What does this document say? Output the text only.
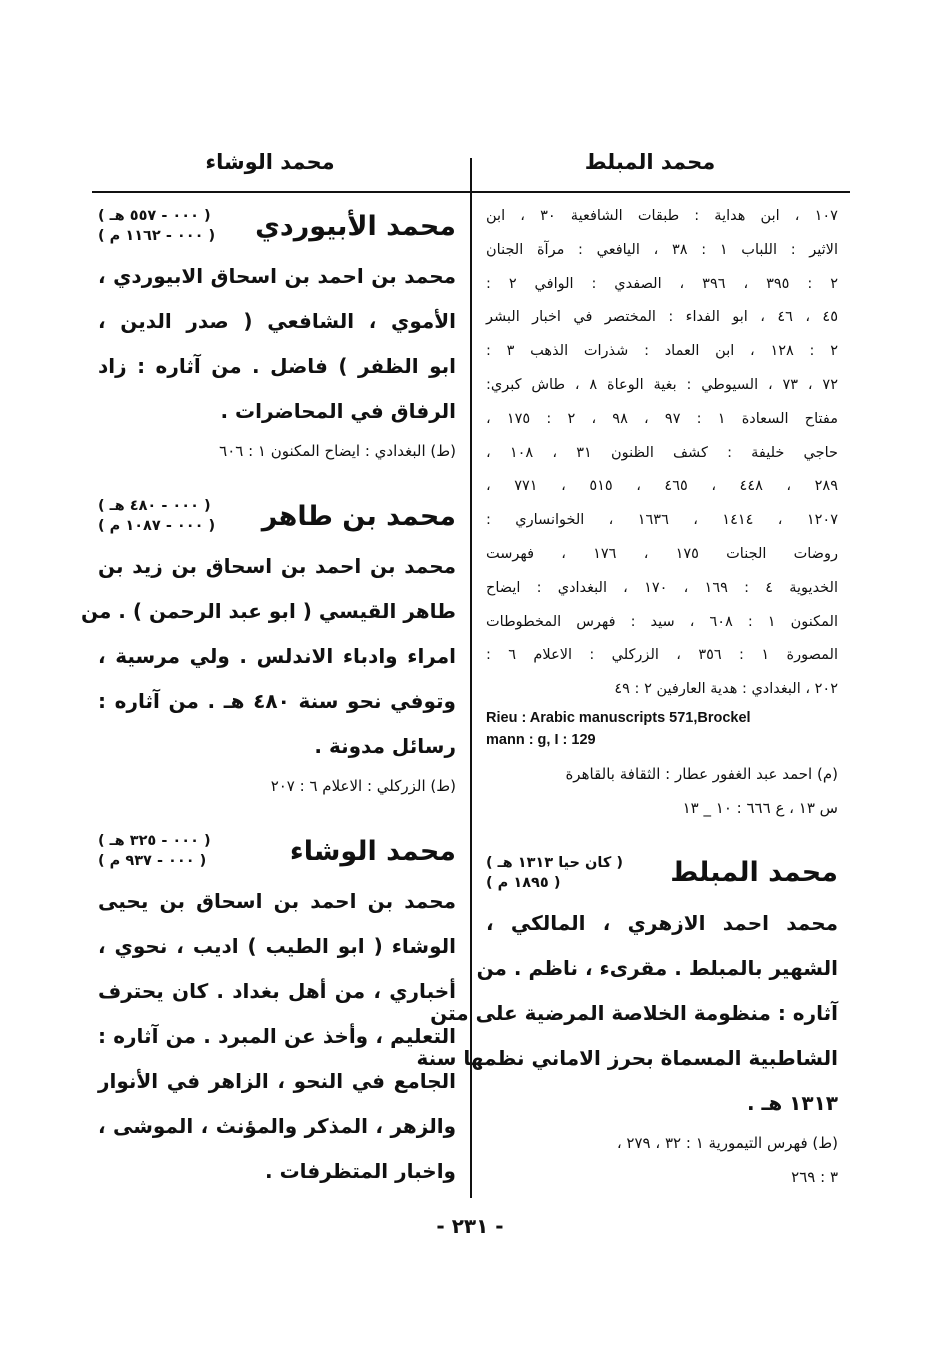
محمد المبلط
محمد الوشاء
١٠٧ ، ابن هداية : طبقات الشافعية ٣٠ ، ابن
الاثير : اللباب ١ : ٣٨ ، اليافعي : مرآة الجنان
٢ : ٣٩٥ ، ٣٩٦ ، الصفدي : الوافي ٢ :
٤٥ ، ٤٦ ، ابو الفداء : المختصر في اخبار البشر
٢ : ١٢٨ ، ابن العماد : شذرات الذهب ٣ :
٧٢ ، ٧٣ ، السيوطي : بغية الوعاة ٨ ، طاش كبري:
مفتاح السعادة ١ : ٩٧ ، ٩٨ ، ٢ : ١٧٥ ،
حاجي خليفة : كشف الظنون ٣١ ، ١٠٨ ،
٢٨٩ ، ٤٤٨ ، ٤٦٥ ، ٥١٥ ، ٧٧١ ،
١٢٠٧ ، ١٤١٤ ، ١٦٣٦ ، الخوانساري :
روضات الجنات ١٧٥ ، ١٧٦ ، فهرست
الخديوية ٤ : ١٦٩ ، ١٧٠ ، البغدادي : ايضاح
المكنون ١ : ٦٠٨ ، سيد : فهرس المخطوطات
المصورة ١ : ٣٥٦ ، الزركلي : الاعلام ٦ :
٢٠٢ ، البغدادي : هدية العارفين ٢ : ٤٩
Rieu : Arabic manuscripts 571,Brockel
mann : g, I : 129
(م) احمد عبد الغفور عطار : الثقافة بالقاهرة
س ١٣ ، ع ٦٦٦ : ١٠ _ ١٣
محمد المبلط
( كان حيا ١٣١٣ هـ )
( ١٨٩٥ م )
محمد احمد الازهري ، المالكي ،
الشهير بالمبلط . مقرىء ، ناظم . من
آثاره : منظومة الخلاصة المرضية على متن
الشاطبية المسماة بحرز الاماني نظمها سنة
١٣١٣ هـ .
(ط) فهرس التيمورية ١ : ٣٢ ، ٢٧٩ ،
٣ : ٢٦٩
محمد الأبيوردي
( ٠٠٠ - ٥٥٧ هـ )
( ٠٠٠ - ١١٦٢ م )
محمد بن احمد بن اسحاق الابيوردي ،
الأموي ، الشافعي ( صدر الدين ،
ابو الظفر ) فاضل . من آثاره : زاد
الرفاق في المحاضرات .
(ط) البغدادي : ايضاح المكنون ١ : ٦٠٦
محمد بن طاهر
( ٠٠٠ - ٤٨٠ هـ )
( ٠٠٠ - ١٠٨٧ م )
محمد بن احمد بن اسحاق بن زيد بن
طاهر القيسي ( ابو عبد الرحمن ) . من
امراء وادباء الاندلس . ولي مرسية ،
وتوفي نحو سنة ٤٨٠ هـ . من آثاره :
رسائل مدونة .
(ط) الزركلي : الاعلام ٦ : ٢٠٧
محمد الوشاء
( ٠٠٠ - ٣٢٥ هـ )
( ٠٠٠ - ٩٣٧ م )
محمد بن احمد بن اسحاق بن يحيى
الوشاء ( ابو الطيب ) اديب ، نحوي ،
أخباري ، من أهل بغداد . كان يحترف
التعليم ، وأخذ عن المبرد . من آثاره :
الجامع في النحو ، الزاهر في الأنوار
والزهر ، المذكر والمؤنث ، الموشى ،
واخبار المتظرفات .
- ٢٣١ -
